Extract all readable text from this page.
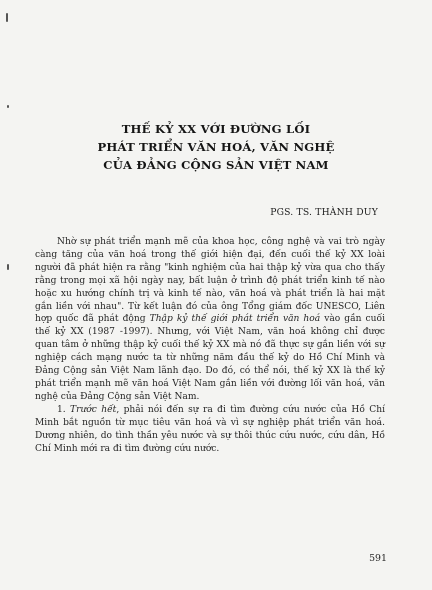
THẾ KỶ XX VỚI ĐƯỜNG LỐI
PHÁT TRIỂN VĂN HOÁ, VĂN NGHỆ
CỦA ĐẢNG CỘNG SẢN VIỆT NAM
PGS. TS. THÀNH DUY

Nhờ sự phát triển mạnh mẽ của khoa học, công nghệ và vai trò ngày càng tăng của văn hoá trong thế giới hiện đại, đến cuối thế kỷ XX loài người đã phát hiện ra rằng "kinh nghiệm của hai thập kỷ vừa qua cho thấy rằng trong mọi xã hội ngày nay, bất luận ở trình độ phát triển kinh tế nào hoặc xu hướng chính trị và kinh tế nào, văn hoá và phát triển là hai mặt gắn liền với nhau". Từ kết luận đó của ông Tổng giám đốc UNESCO, Liên hợp quốc đã phát động Thập kỷ thế giới phát triển văn hoá vào gần cuối thế kỷ XX (1987 -1997). Nhưng, với Việt Nam, văn hoá không chỉ được quan tâm ở những thập kỷ cuối thế kỷ XX mà nó đã thực sự gắn liền với sự nghiệp cách mạng nước ta từ những năm đầu thế kỷ do Hồ Chí Minh và Đảng Cộng sản Việt Nam lãnh đạo. Do đó, có thể nói, thế kỷ XX là thế kỷ phát triển mạnh mẽ văn hoá Việt Nam gắn liền với đường lối văn hoá, văn nghệ của Đảng Cộng sản Việt Nam.

1. Trước hết, phải nói đến sự ra đi tìm đường cứu nước của Hồ Chí Minh bắt nguồn từ mục tiêu văn hoá và vì sự nghiệp phát triển văn hoá. Dương nhiên, do tình thần yêu nước và sự thôi thúc cứu nước, cứu dân, Hồ Chí Minh mới ra đi tìm đường cứu nước.

591
